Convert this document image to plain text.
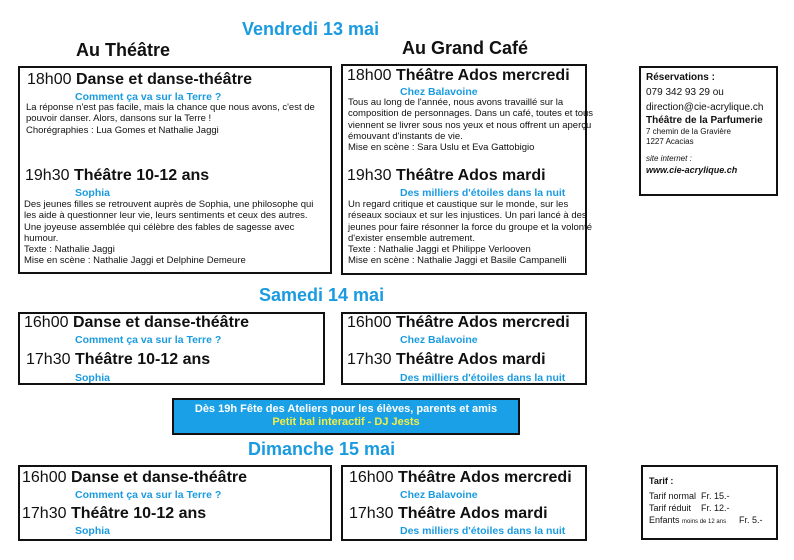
Vendredi 13 mai
Au Théâtre	Au Grand Café
Samedi 14 mai
Dimanche 15 mai
18h00 Danse et danse-théâtre
Comment ça va sur la Terre ?
La réponse n'est pas facile, mais la chance que nous avons, c'est de
pouvoir danser. Alors, dansons sur la Terre !
Chorégraphies : Lua Gomes et Nathalie Jaggi
19h30 Théâtre 10-12 ans
Sophia
Des jeunes filles se retrouvent auprès de Sophia, une philosophe qui
les aide à questionner leur vie, leurs sentiments et ceux des autres.
Une joyeuse assemblée qui célèbre des fables de sagesse avec
humour.
Texte : Nathalie Jaggi
Mise en scène : Nathalie Jaggi et Delphine Demeure
18h00 Théâtre Ados mercredi
Chez Balavoine
Tous au long de l'année, nous avons travaillé sur la
composition de personnages. Dans un café, toutes et tous
viennent se livrer sous nos yeux et nous offrent un aperçu
émouvant d'instants de vie.
Mise en scène : Sara Uslu et Eva Gattobigio
19h30 Théâtre Ados mardi
Des milliers d'étoiles dans la nuit
Un regard critique et caustique sur le monde, sur les
réseaux sociaux et sur les injustices. Un pari lancé à des
jeunes pour faire résonner la force du groupe et la volonté
d'exister ensemble autrement.
Texte : Nathalie Jaggi et Philippe Verlooven
Mise en scène : Nathalie Jaggi et Basile Campanelli
Réservations :
079 342 93 29 ou
direction@cie-acrylique.ch
Théâtre de la Parfumerie
7 chemin de la Gravière
1227 Acacias
site internet :
www.cie-acrylique.ch
16h00 Danse et danse-théâtre
Comment ça va sur la Terre ?
17h30 Théâtre 10-12 ans
Sophia
16h00 Théâtre Ados mercredi
Chez Balavoine
17h30 Théâtre Ados mardi
Des milliers d'étoiles dans la nuit
Dès 19h Fête des Ateliers pour les élèves, parents et amis
Petit bal interactif - DJ Jests
16h00 Danse et danse-théâtre
Comment ça va sur la Terre ?
17h30 Théâtre 10-12 ans
Sophia
16h00 Théâtre Ados mercredi
Chez Balavoine
17h30 Théâtre Ados mardi
Des milliers d'étoiles dans la nuit
Tarif :
Tarif normal Fr. 15.-
Tarif réduit Fr. 12.-
Enfants moins de 12 ans Fr. 5.-
